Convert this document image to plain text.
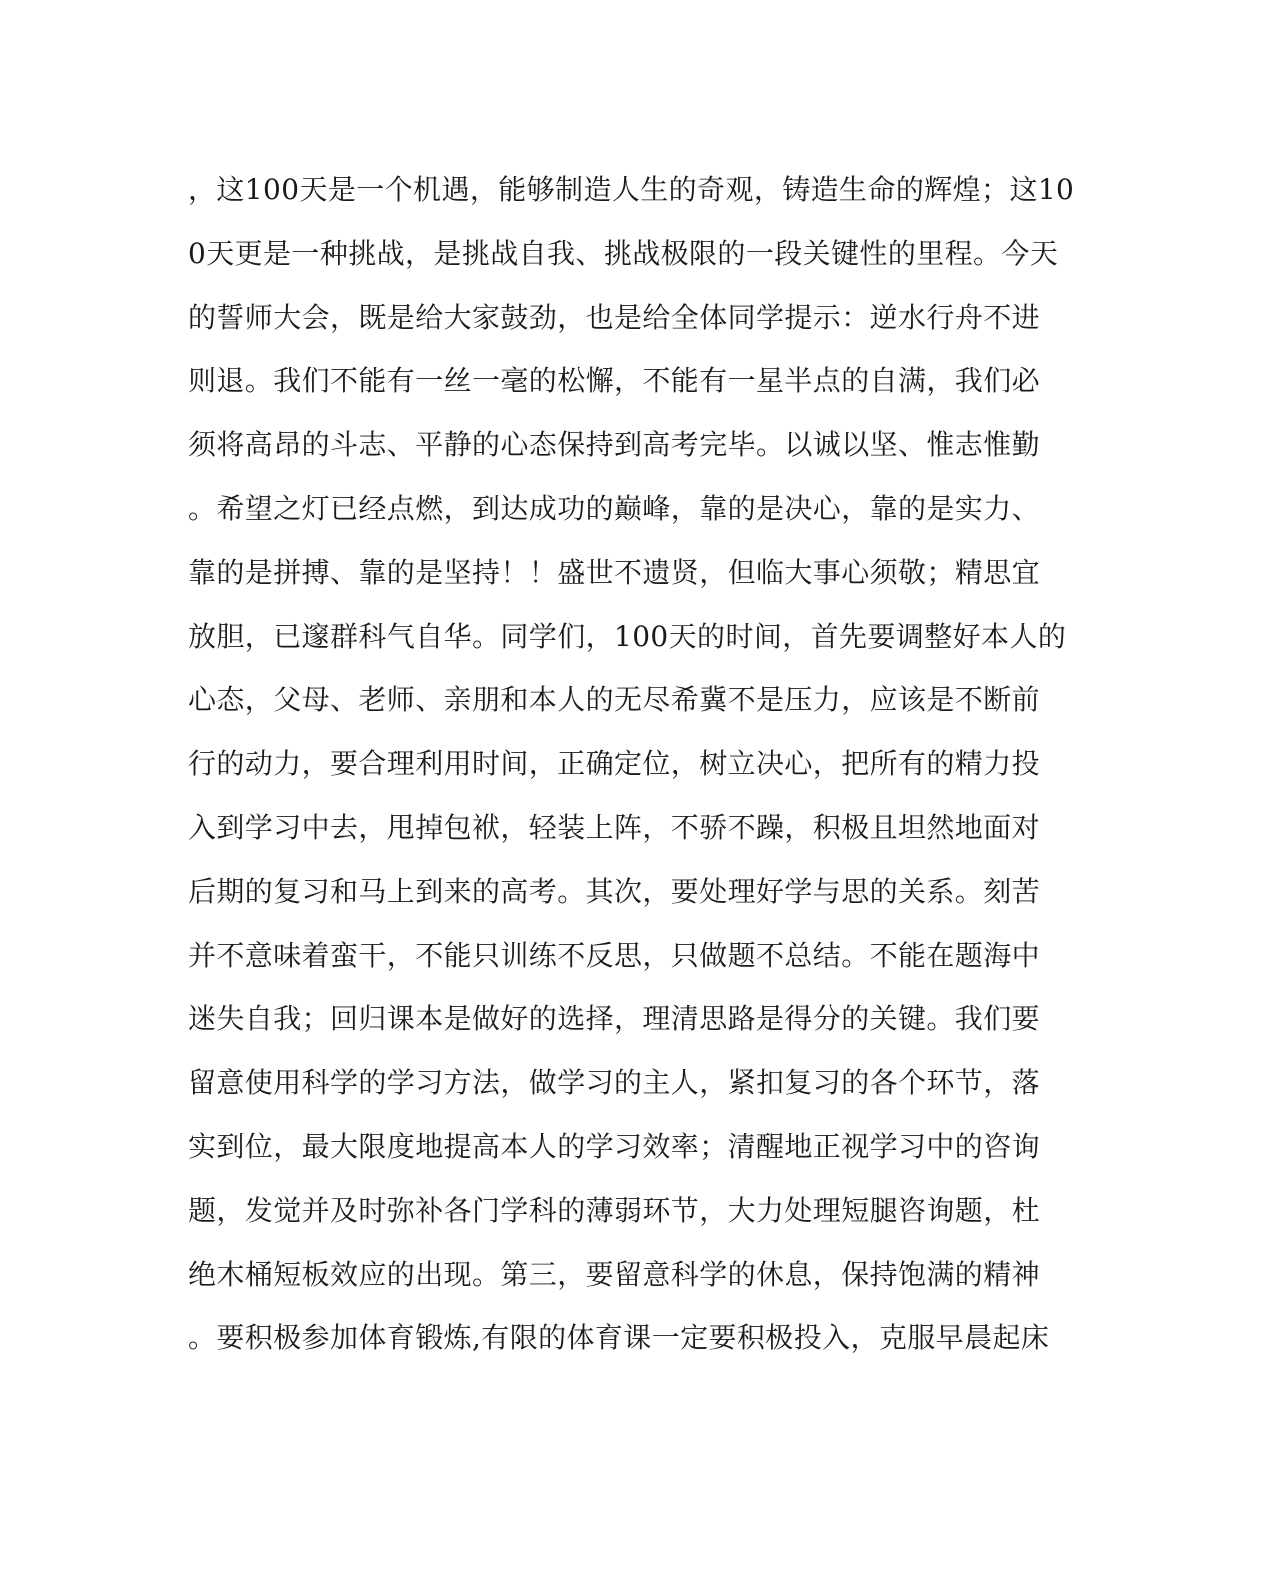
，这100天是一个机遇，能够制造人生的奇观，铸造生命的辉煌；这10
0天更是一种挑战，是挑战自我、挑战极限的一段关键性的里程。今天
的誓师大会，既是给大家鼓劲，也是给全体同学提示：逆水行舟不进
则退。我们不能有一丝一毫的松懈，不能有一星半点的自满，我们必
须将高昂的斗志、平静的心态保持到高考完毕。以诚以坚、惟志惟勤
。希望之灯已经点燃，到达成功的巅峰，靠的是决心，靠的是实力、
靠的是拼搏、靠的是坚持！！盛世不遗贤，但临大事心须敬；精思宜
放胆，已邃群科气自华。同学们，100天的时间，首先要调整好本人的
心态，父母、老师、亲朋和本人的无尽希冀不是压力，应该是不断前
行的动力，要合理利用时间，正确定位，树立决心，把所有的精力投
入到学习中去，甩掉包袱，轻装上阵，不骄不躁，积极且坦然地面对
后期的复习和马上到来的高考。其次，要处理好学与思的关系。刻苦
并不意味着蛮干，不能只训练不反思，只做题不总结。不能在题海中
迷失自我；回归课本是做好的选择，理清思路是得分的关键。我们要
留意使用科学的学习方法，做学习的主人，紧扣复习的各个环节，落
实到位，最大限度地提高本人的学习效率；清醒地正视学习中的咨询
题，发觉并及时弥补各门学科的薄弱环节，大力处理短腿咨询题，杜
绝木桶短板效应的出现。第三，要留意科学的休息，保持饱满的精神
。要积极参加体育锻炼,有限的体育课一定要积极投入，克服早晨起床
